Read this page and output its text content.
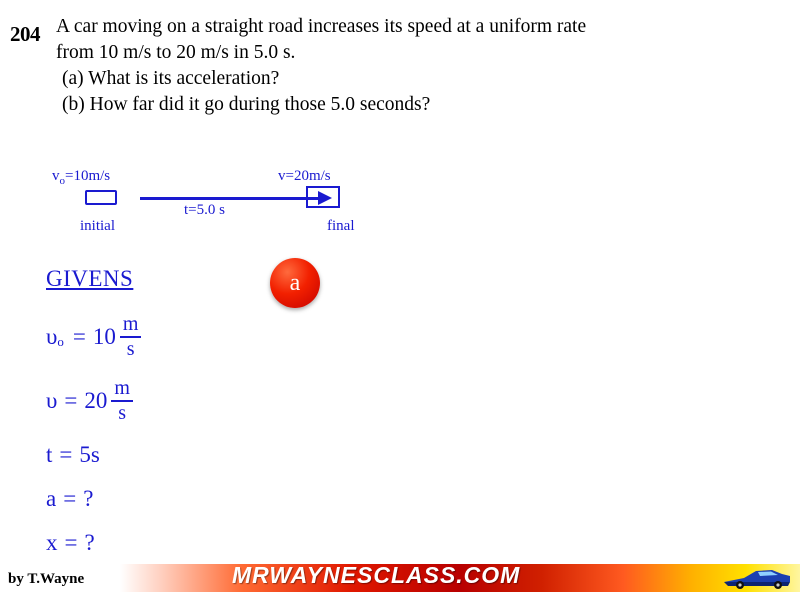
204 A car moving on a straight road increases its speed at a uniform rate
from 10 m/s to 20 m/s in 5.0 s.
(a) What is its acceleration?
(b) How far did it go during those 5.0 seconds?
$v_o=10m/s$	v=20m/s
initial	final
t=5.0 s
a
GIVENS
υ $o = 10 \frac{m}{s}$
$\upsilon = 20 \frac{m}{s}$
t = 5s
a = ?
x = ?
MRWAYNESCLASS.COM
by T.Wayne
